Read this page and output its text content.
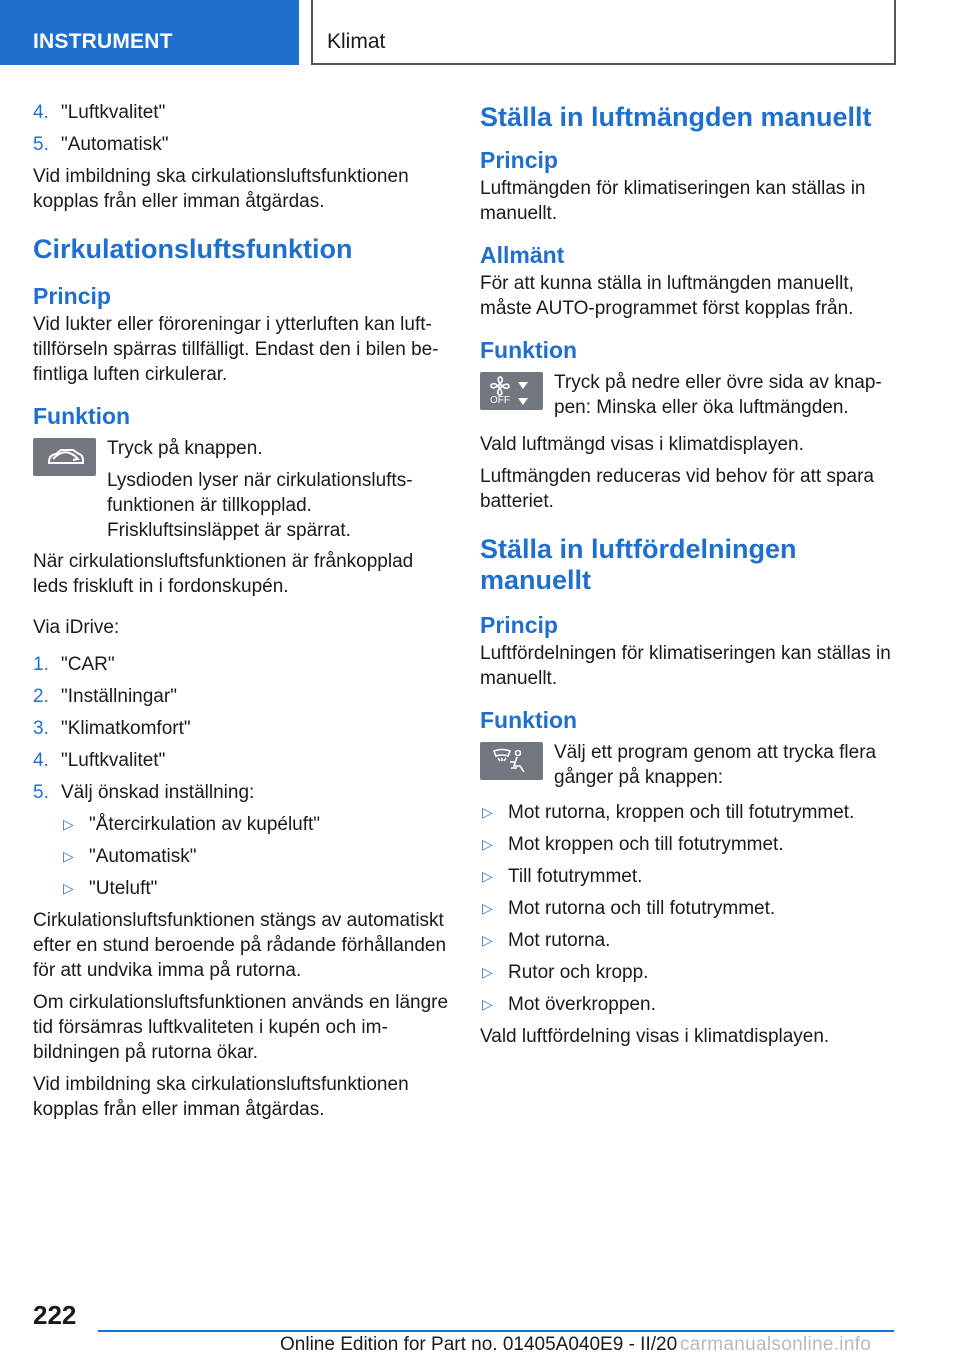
INSTRUMENT	Klimat
4. "Luftkvalitet"
5. "Automatisk"

Vid imbildning ska cirkulationsluftsfunktionen kopplas från eller imman åtgärdas.

Cirkulationsluftsfunktion
Princip

Vid lukter eller föroreningar i ytterluften kan lufttillförseln spärras tillfälligt. Endast den i bilen befintliga luften cirkulerar.

Funktion

Tryck på knappen.

Lysdioden lyser när cirkulationsluftsfunktionen är tillkopplad. Friskluftsinsläppet är spärrat.

När cirkulationsluftsfunktionen är frånkopplad leds friskluft in i fordonskupén.

Via iDrive:

1. "CAR"
2. "Inställningar"
3. "Klimatkomfort"
4. "Luftkvalitet"
5. Välj önskad inställning:
▷ "Återcirkulation av kupéluft"
▷ "Automatisk"
▷ "Uteluft"

Cirkulationsluftsfunktionen stängs av automatiskt efter en stund beroende på rådande förhållanden för att undvika imma på rutorna.

Om cirkulationsluftsfunktionen används en längre tid försämras luftkvaliteten i kupén och imbildningen på rutorna ökar.

Vid imbildning ska cirkulationsluftsfunktionen kopplas från eller imman åtgärdas.

Ställa in luftmängden manuellt
Princip

Luftmängden för klimatiseringen kan ställas in manuellt.

Allmänt

För att kunna ställa in luftmängden manuellt, måste AUTO-programmet först kopplas från.

Funktion
OFF

Tryck på nedre eller övre sida av knappen: Minska eller öka luftmängden.

Vald luftmängd visas i klimatdisplayen.

Luftmängden reduceras vid behov för att spara batteriet.

Ställa in luftfördelningen manuellt
Princip

Luftfördelningen för klimatiseringen kan ställas in manuellt.

Funktion

Välj ett program genom att trycka flera gånger på knappen:

▷ Mot rutorna, kroppen och till fotutrymmet.
▷ Mot kroppen och till fotutrymmet.
▷ Till fotutrymmet.
▷ Mot rutorna och till fotutrymmet.
▷ Mot rutorna.
▷ Rutor och kropp.
▷ Mot överkroppen.

Vald luftfördelning visas i klimatdisplayen.

222
Online Edition for Part no. 01405A040E9 - II/20 carmanualsonline.info
